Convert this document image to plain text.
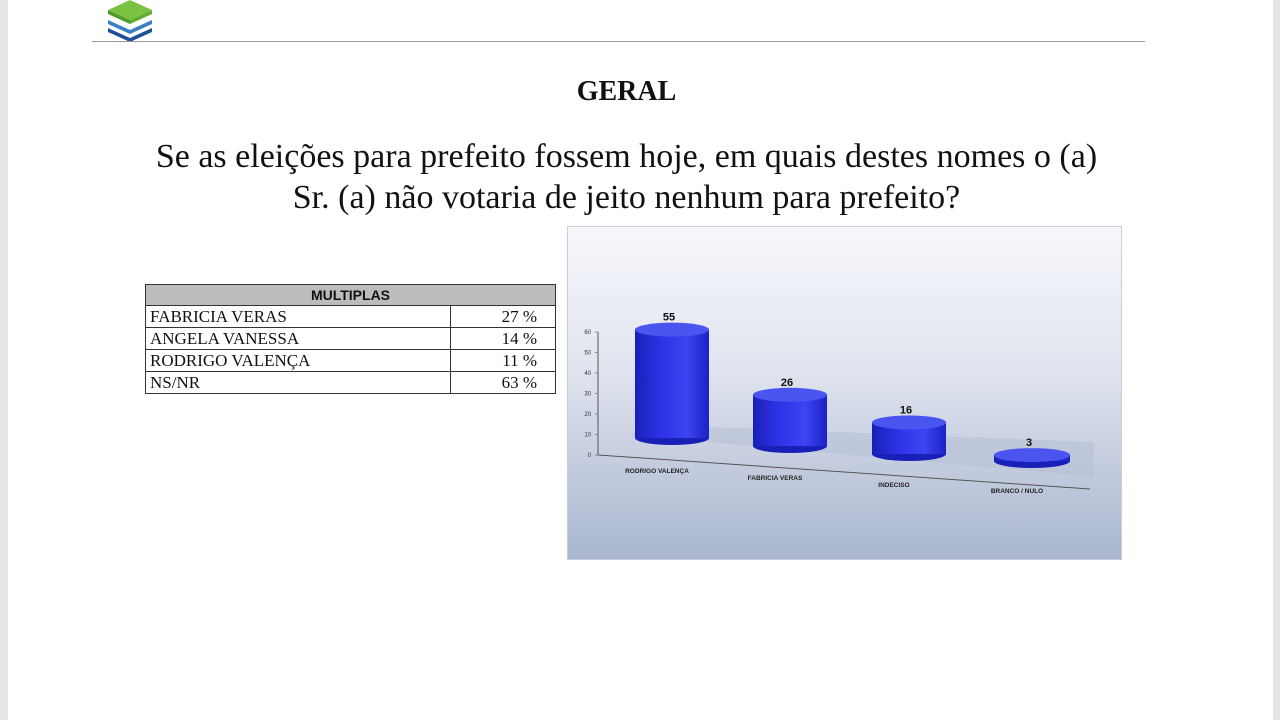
GERAL
Se as eleições para prefeito fossem hoje, em quais destes nomes o (a)
Sr. (a) não votaria de jeito nenhum para prefeito?
MULTIPLAS	
FABRICIA VERAS	27 %
ANGELA VANESSA	14 %
RODRIGO VALENÇA	11 %
NS/NR	63 %
0
10
20
30
40
50
60
55
RODRIGO VALENÇA
26
FABRICIA VERAS
16
INDECISO
3
BRANCO / NULO
